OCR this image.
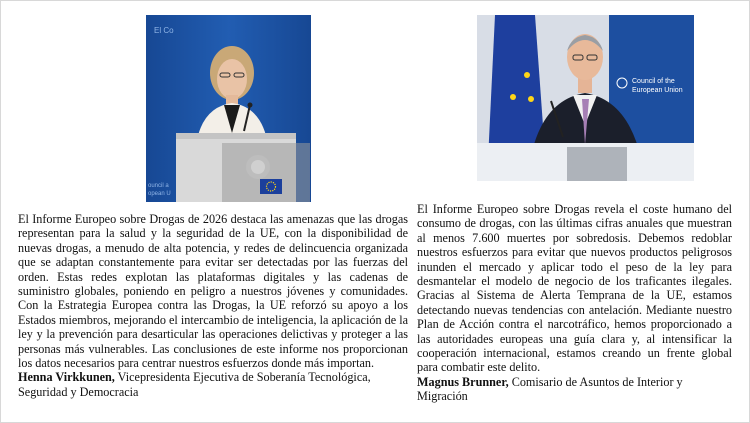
El Co
ouncil a
opean U
Council of the
European Union

El Informe Europeo sobre Drogas de 2026 destaca las amenazas que las drogas representan para la salud y la seguridad de la UE, con la disponibilidad de nuevas drogas, a menudo de alta potencia, y redes de delincuencia organizada que se adaptan constantemente para evitar ser detectadas por las fuerzas del orden. Estas redes explotan las plataformas digitales y las cadenas de suministro globales, poniendo en peligro a nuestros jóvenes y comunidades. Con la Estrategia Europea contra las Drogas, la UE reforzó su apoyo a los Estados miembros, mejorando el intercambio de inteligencia, la aplicación de la ley y la prevención para desarticular las operaciones delictivas y proteger a las personas más vulnerables. Las conclusiones de este informe nos proporcionan los datos necesarios para centrar nuestros esfuerzos donde más importan.

Henna Virkkunen, Vicepresidenta Ejecutiva de Soberanía Tecnológica, Seguridad y Democracia

El Informe Europeo sobre Drogas revela el coste humano del consumo de drogas, con las últimas cifras anuales que muestran al menos 7.600 muertes por sobredosis. Debemos redoblar nuestros esfuerzos para evitar que nuevos productos peligrosos inunden el mercado y aplicar todo el peso de la ley para desmantelar el modelo de negocio de los traficantes ilegales. Gracias al Sistema de Alerta Temprana de la UE, estamos detectando nuevas tendencias con antelación. Mediante nuestro Plan de Acción contra el narcotráfico, hemos proporcionado a las autoridades europeas una guía clara y, al intensificar la cooperación internacional, estamos creando un frente global para combatir este delito.

Magnus Brunner, Comisario de Asuntos de Interior y Migración
